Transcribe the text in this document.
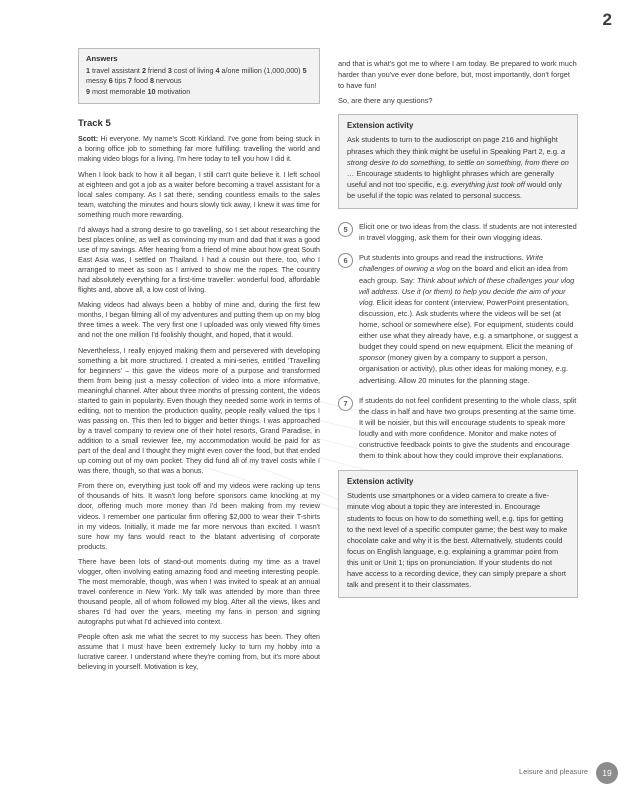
2
Answers
1 travel assistant 2 friend 3 cost of living 4 a/one million (1,000,000) 5 messy 6 tips 7 food 8 nervous
9 most memorable 10 motivation
Track 5

Scott: Hi everyone. My name's Scott Kirkland. I've gone from being stuck in a boring office job to something far more fulfilling: travelling the world and making video blogs for a living. I'm here today to tell you how I did it.

When I look back to how it all began, I still can't quite believe it. I left school at eighteen and got a job as a waiter before becoming a travel assistant for a local sales company. As I sat there, sending countless emails to the sales team, watching the minutes and hours slowly tick away, I knew it was time for something much more rewarding.

I'd always had a strong desire to go travelling, so I set about researching the best places online, as well as convincing my mum and dad that it was a good use of my savings. After hearing from a friend of mine about how great South East Asia was, I settled on Thailand. I had a cousin out there, too, who I arranged to meet as soon as I arrived to show me the ropes. The country had absolutely everything for a first-time traveller: wonderful food, affordable flights and, above all, a low cost of living.

Making videos had always been a hobby of mine and, during the first few months, I began filming all of my adventures and putting them up on my blog three times a week. The very first one I uploaded was only viewed fifty times and not the one million I'd foolishly thought, and hoped, that it would.

Nevertheless, I really enjoyed making them and persevered with developing something a bit more structured. I created a mini-series, entitled 'Travelling for beginners' – this gave the videos more of a purpose and transformed them from being just a messy collection of video into a more informative, meaningful channel. After about three months of pressing content, the videos started to gain in popularity. Even though they needed some work in terms of editing, not to mention the production quality, people really valued the tips I was passing on. This then led to bigger and better things. I was approached by a travel company to review one of their hotel resorts, Grand Paradise, in addition to a small reviewer fee, my accommodation would be paid for as part of the deal and I thought they might even cover the food, but that ended up coming out of my own pocket. They did fund all of my travel costs while I was there, though, so that was a bonus.

From there on, everything just took off and my videos were racking up tens of thousands of hits. It wasn't long before sponsors came knocking at my door, offering much more money than I'd been making from my review videos. I remember one particular firm offering $2,000 to wear their T-shirts in my videos. Initially, it made me far more nervous than excited. I wasn't sure how my fans would react to the blatant advertising of corporate products.

There have been lots of stand-out moments during my time as a travel vlogger, often involving eating amazing food and meeting interesting people. The most memorable, though, was when I was invited to speak at an annual travel conference in New York. My talk was attended by more than three thousand people, all of whom followed my blog. After all the views, likes and shares I'd had over the years, meeting my fans in person and signing autographs put what I'd achieved into context.

People often ask me what the secret to my success has been. They often assume that I must have been extremely lucky to turn my hobby into a lucrative career. I understand where they're coming from, but it's more about believing in yourself. Motivation is key,

and that is what's got me to where I am today. Be prepared to work much harder than you've ever done before, but, most importantly, don't forget to have fun!

So, are there any questions?

Extension activity
Ask students to turn to the audioscript on page 216 and highlight phrases which they think might be useful in Speaking Part 2, e.g. a strong desire to do something, to settle on something, from there on … Encourage students to highlight phrases which are generally useful and not too specific, e.g. everything just took off would only be useful if the topic was related to personal success.
5	Elicit one or two ideas from the class. If students are not interested in travel vlogging, ask them for their own vlogging ideas.
6	Put students into groups and read the instructions. Write challenges of owning a vlog on the board and elicit an idea from each group. Say: Think about which of these challenges your vlog will address. Use it (or them) to help you decide the aim of your vlog. Elicit ideas for content (interview, PowerPoint presentation, discussion, etc.). Ask students where the videos will be set (at home, school or somewhere else). For equipment, students could either use what they already have, e.g. a smartphone, or suggest a budget they could spend on new equipment. Elicit the meaning of sponsor (money given by a company to support a person, organisation or activity), plus other ideas for making money, e.g. advertising. Allow 20 minutes for the planning stage.
7	If students do not feel confident presenting to the whole class, split the class in half and have two groups presenting at the same time. It will be noisier, but this will encourage students to speak more loudly and with more confidence. Monitor and make notes of constructive feedback points to give the students and encourage them to think about how they could improve their explanations.
Extension activity
Students use smartphones or a video camera to create a five-minute vlog about a topic they are interested in. Encourage students to focus on how to do something well, e.g. tips for getting to the next level of a specific computer game; the best way to make chocolate cake and why it is the best. Alternatively, students could focus on English language, e.g. explaining a grammar point from this unit or Unit 1; tips on pronunciation. If your students do not have access to a recording device, they can simply prepare a short talk and present it to their classmates.
Leisure and pleasure	19
